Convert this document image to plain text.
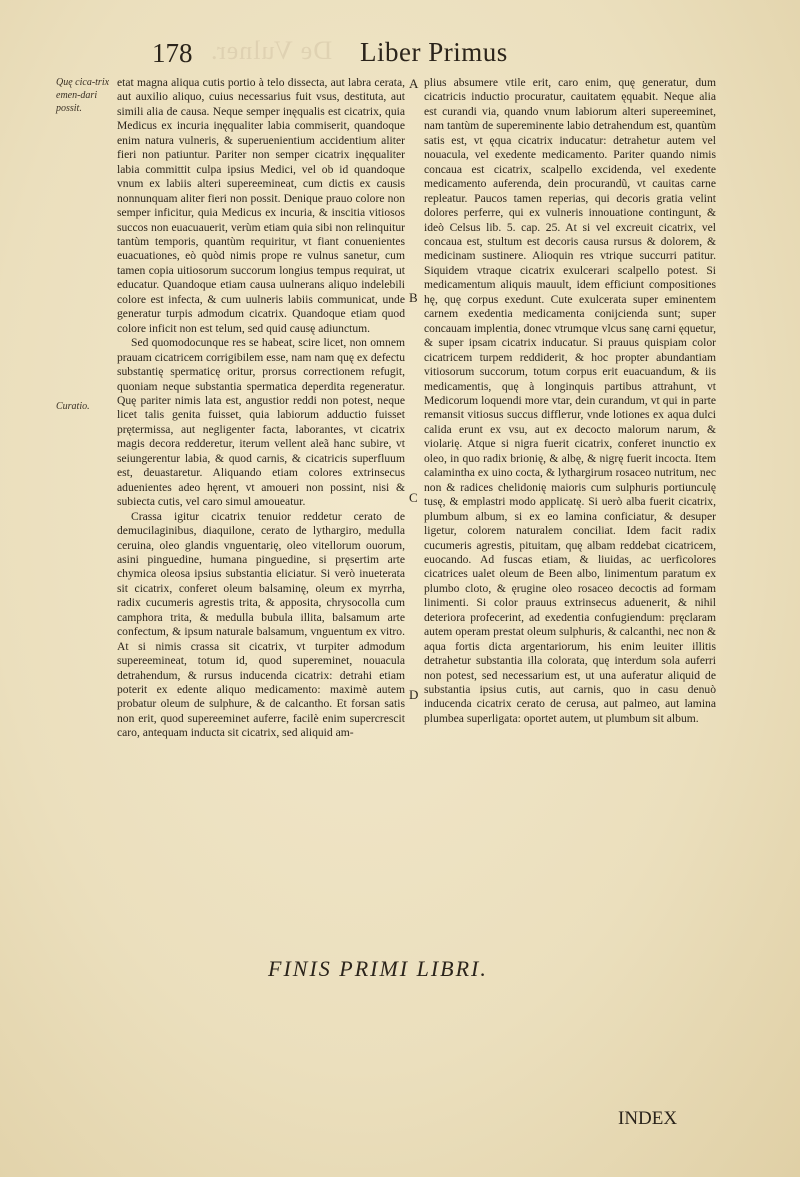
De Vulner.
178	Liber Primus
Quę cica-trix emen-dari possit.
Curatio.

etat magna aliqua cutis portio à telo dissecta, aut labra cerata, aut auxilio aliquo, cuius necessarius fuit vsus, destituta, aut simili alia de causa. Neque semper inęqualis est cicatrix, quia Medicus ex incuria inęqualiter labia commiserit, quandoque enim natura vulneris, & superuenientium accidentium aliter fieri non patiuntur. Pariter non semper cicatrix inęqualiter labia committit culpa ipsius Medici, vel ob id quandoque vnum ex labiis alteri supereemineat, cum dictis ex causis nonnunquam aliter fieri non possit. Denique prauo colore non semper inficitur, quia Medicus ex incuria, & inscitia vitiosos succos non euacuauerit, verùm etiam quia sibi non relinquitur tantùm temporis, quantùm requiritur, vt fiant conuenientes euacuationes, eò quòd nimis prope re vulnus sanetur, cum tamen copia uitiosorum succorum longius tempus requirat, ut educatur. Quandoque etiam causa uulnerans aliquo indelebili colore est infecta, & cum uulneris labiis communicat, unde generatur turpis admodum cicatrix. Quandoque etiam quod colore inficit non est telum, sed quid causę adiunctum.

Sed quomodocunque res se habeat, scire licet, non omnem prauam cicatricem corrigibilem esse, nam nam quę ex defectu substantię spermaticę oritur, prorsus correctionem refugit, quoniam neque substantia spermatica deperdita regeneratur. Quę pariter nimis lata est, angustior reddi non potest, neque licet talis genita fuisset, quia labiorum adductio fuisset prętermissa, aut negligenter facta, laborantes, vt cicatrix magis decora redderetur, iterum vellent aleã hanc subire, vt seiungerentur labia, & quod carnis, & cicatricis superfluum est, deuastaretur. Aliquando etiam colores extrinsecus aduenientes adeo hęrent, vt amoueri non possint, nisi & subiecta cutis, vel caro simul amoueatur.

Crassa igitur cicatrix tenuior reddetur cerato de demucilaginibus, diaquilone, cerato de lythargiro, medulla ceruina, oleo glandis vnguentarię, oleo vitellorum ouorum, asini pinguedine, humana pinguedine, si pręsertim arte chymica oleosa ipsius substantia eliciatur. Si verò inueterata sit cicatrix, conferet oleum balsaminę, oleum ex myrrha, radix cucumeris agrestis trita, & apposita, chrysocolla cum camphora trita, & medulla bubula illita, balsamum arte confectum, & ipsum naturale balsamum, vnguentum ex vitro. At si nimis crassa sit cicatrix, vt turpiter admodum supereemineat, totum id, quod supereminet, nouacula detrahendum, & rursus inducenda cicatrix: detrahi etiam poterit ex edente aliquo medicamento: maximè autem probatur oleum de sulphure, & de calcantho. Et forsan satis non erit, quod supereeminet auferre, facilè enim supercrescit caro, antequam inducta sit cicatrix, sed aliquid am-

A
B
C
D

plius absumere vtile erit, caro enim, quę generatur, dum cicatricis inductio procuratur, cauitatem ęquabit. Neque alia est curandi via, quando vnum labiorum alteri supereeminet, nam tantùm de supereminente labio detrahendum est, quantùm satis est, vt ęqua cicatrix inducatur: detrahetur autem vel nouacula, vel exedente medicamento. Pariter quando nimis concaua est cicatrix, scalpello excidenda, vel exedente medicamento auferenda, dein procurandũ, vt cauitas carne repleatur. Paucos tamen reperias, qui decoris gratia velint dolores perferre, qui ex vulneris innouatione contingunt, & ideò Celsus lib. 5. cap. 25. At si vel excreuit cicatrix, vel concaua est, stultum est decoris causa rursus & dolorem, & medicinam sustinere. Alioquin res vtrique succurri patitur. Siquidem vtraque cicatrix exulcerari scalpello potest. Si medicamentum aliquis mauult, idem efficiunt compositiones hę, quę corpus exedunt. Cute exulcerata super eminentem carnem exedentia medicamenta conijcienda sunt; super concauam implentia, donec vtrumque vlcus sanę carni ęquetur, & super ipsam cicatrix inducatur. Si prauus quispiam color cicatricem turpem reddiderit, & hoc propter abundantiam vitiosorum succorum, totum corpus erit euacuandum, & iis medicamentis, quę à longinquis partibus attrahunt, vt Medicorum loquendi more vtar, dein curandum, vt qui in parte remansit vitiosus succus difflетur, vnde lotiones ex aqua dulci calida erunt ex vsu, aut ex decocto malorum narum, & violarię. Atque si nigra fuerit cicatrix, conferet inunctio ex oleo, in quo radix brionię, & albę, & nigrę fuerit incocta. Item calaminthа ex uino cocta, & lythargirum rosaceo nutritum, nec non & radices chelidonię maioris cum sulphuris portiunculę tusę, & emplastri modo applicatę. Si uerò alba fuerit cicatrix, plumbum album, si ex eo lamina conficiatur, & desuper ligetur, colorem naturalem conciliat. Idem facit radix cucumeris agrestis, pituitam, quę albam reddebat cicatricem, euocando. Ad fuscas etiam, & liuidas, ac uerficolores cicatrices ualet oleum de Been albo, linimentum paratum ex plumbo cloto, & ęrugine oleo rosaceo decoctis ad formam linimenti. Si color prauus extrinsecus aduenerit, & nihil deteriora profecerint, ad exedentia confugiendum: pręclaram autem operam prestat oleum sulphuris, & calcanthi, nec non & aqua fortis dicta argentariorum, his enim leuiter illitis detrahetur substantia illa colorata, quę interdum sola auferri non potest, sed necessarium est, ut una auferatur aliquid de substantia ipsius cutis, aut carnis, quo in casu denuò inducenda cicatrix cerato de cerusa, aut palmeo, aut lamina plumbea superligata: oportet autem, ut plumbum sit album.

FINIS PRIMI LIBRI.
INDEX
